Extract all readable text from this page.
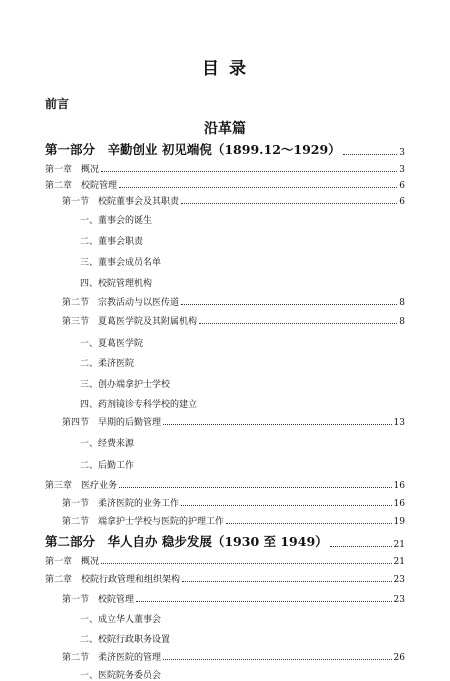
目 录
前言
沿革篇
第一部分　辛勤创业 初见端倪（1899.12～1929）	3
第一章　概况	3
第二章　校院管理	6
第一节　校院董事会及其职责	6
一、董事会的诞生
二、董事会职责
三、董事会成员名单
四、校院管理机构
第二节　宗教活动与以医传道	8
第三节　夏葛医学院及其附属机构	8
一、夏葛医学院
二、柔济医院
三、创办端拿护士学校
四、药剂镜诊专科学校的建立
第四节　早期的后勤管理	13
一、经费来源
二、后勤工作
第三章　医疗业务	16
第一节　柔济医院的业务工作	16
第二节　端拿护士学校与医院的护理工作	19
第二部分　华人自办 稳步发展（1930 至 1949）	21
第一章　概况	21
第二章　校院行政管理和组织架构	23
第一节　校院管理	23
一、成立华人董事会
二、校院行政职务设置
第二节　柔济医院的管理	26
一、医院院务委员会
